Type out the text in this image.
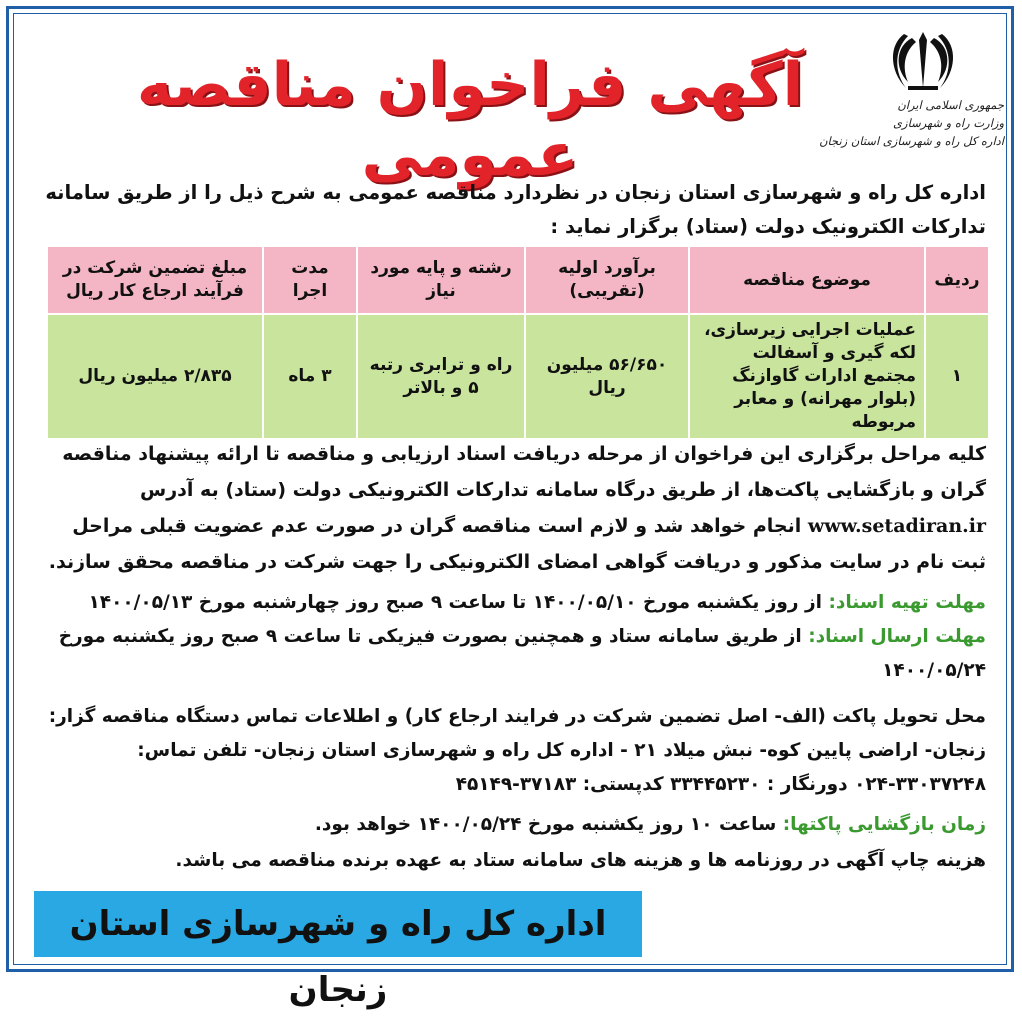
آگهی فراخوان مناقصه عمومی
جمهوری اسلامی ایران
وزارت راه و شهرسازی
اداره کل راه و شهرسازی استان زنجان
اداره کل راه و شهرسازی استان زنجان در نظردارد مناقصه عمومی به شرح ذیل را از طریق سامانه تدارکات الکترونیک دولت (ستاد) برگزار نماید :
ردیف	موضوع مناقصه	برآورد اولیه (تقریبی)	رشته و پایه مورد نیاز	مدت اجرا	مبلغ تضمین شرکت در فرآیند ارجاع کار ریال
۱	عملیات اجرایی زیرسازی، لکه گیری و آسفالت مجتمع ادارات گاوازنگ (بلوار مهرانه) و معابر مربوطه	۵۶/۶۵۰ میلیون ریال	راه و ترابری رتبه ۵ و بالاتر	۳ ماه	۲/۸۳۵ میلیون ریال
کلیه مراحل برگزاری این فراخوان از مرحله دریافت اسناد ارزیابی و مناقصه تا ارائه پیشنهاد مناقصه گران و بازگشایی پاکت‌ها، از طریق درگاه سامانه تدارکات الکترونیکی دولت (ستاد) به آدرس www.setadiran.ir انجام خواهد شد و لازم است مناقصه گران در صورت عدم عضویت قبلی مراحل ثبت نام در سایت مذکور و دریافت گواهی امضای الکترونیکی را جهت شرکت در مناقصه محقق سازند.
مهلت تهیه اسناد: از روز یکشنبه مورخ ۱۴۰۰/۰۵/۱۰ تا ساعت ۹ صبح روز چهارشنبه مورخ ۱۴۰۰/۰۵/۱۳
مهلت ارسال اسناد: از طریق سامانه ستاد و همچنین بصورت فیزیکی تا ساعت ۹ صبح روز یکشنبه مورخ ۱۴۰۰/۰۵/۲۴
محل تحویل پاکت (الف- اصل تضمین شرکت در فرایند ارجاع کار) و اطلاعات تماس دستگاه مناقصه گزار: زنجان- اراضی پایین کوه- نبش میلاد ۲۱ - اداره کل راه و شهرسازی استان زنجان- تلفن تماس: ۳۳۰۳۷۲۴۸-۰۲۴ دورنگار : ۳۳۴۴۵۲۳۰ کدپستی: ۳۷۱۸۳-۴۵۱۴۹
زمان بازگشایی پاکتها: ساعت ۱۰ روز یکشنبه مورخ ۱۴۰۰/۰۵/۲۴ خواهد بود.
هزینه چاپ آگهی در روزنامه ها و هزینه های سامانه ستاد به عهده برنده مناقصه می باشد.
اداره کل راه و شهرسازی استان زنجان
